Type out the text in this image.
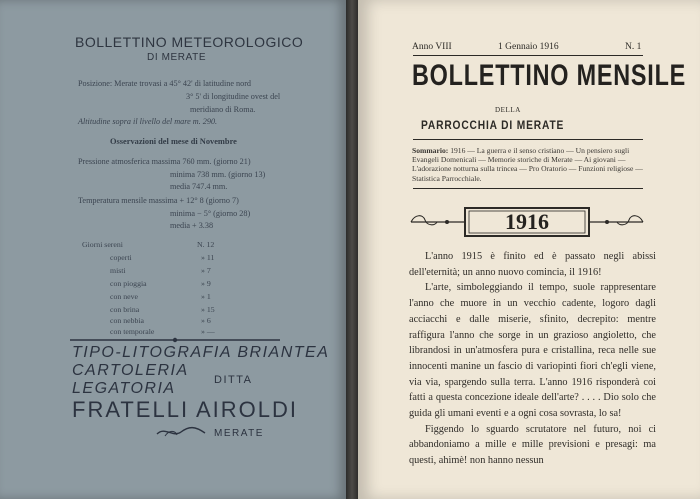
BOLLETTINO METEOROLOGICO
DI MERATE
Posizione: Merate trovasi a 45° 42' di latitudine nord
3° 5' di longitudine ovest del
meridiano di Roma.
Altitudine sopra il livello del mare m. 290.
Osservazioni del mese di Novembre
Pressione atmosferica massima 760 mm. (giorno 21)
minima 738 mm. (giorno 13)
media 747.4 mm.
Temperatura mensile massima + 12° 8 (giorno 7)
minima − 5° (giorno 28)
media + 3.38
Giorni sereni	N. 12
coperti	» 11
misti	» 7
con pioggia	» 9
con neve	» 1
con brina	» 15
con nebbia	» 6
con temporale	» —
TIPO-LITOGRAFIA BRIANTEA
CARTOLERIA
LEGATORIA	DITTA
FRATELLI AIROLDI
MERATE
Anno VIII	1 Gennaio 1916	N. 1
BOLLETTINO MENSILE
DELLA
PARROCCHIA DI MERATE
Sommario: 1916 — La guerra e il senso cristiano — Un pensiero sugli Evangeli Domenicali — Memorie storiche di Merate — Ai giovani — L'adorazione notturna sulla trincea — Pro Oratorio — Funzioni religiose — Statistica Parrocchiale.
1916

L'anno 1915 è finito ed è passato negli abissi dell'eternità; un anno nuovo comincia, il 1916!

L'arte, simboleggiando il tempo, suole rappresentare l'anno che muore in un vecchio cadente, logoro dagli acciacchi e dalle miserie, sfinito, decrepito: mentre raffigura l'anno che sorge in un grazioso angioletto, che librandosi in un'atmosfera pura e cristallina, reca nelle sue innocenti manine un fascio di variopinti fiori ch'egli viene, via via, spargendo sulla terra. L'anno 1916 risponderà coi fatti a questa concezione ideale dell'arte? . . . . Dio solo che guida gli umani eventi e a ogni cosa sovrasta, lo sa!

Figgendo lo sguardo scrutatore nel futuro, noi ci abbandoniamo a mille e mille previsioni e presagi: ma questi, ahimè! non hanno nessun
